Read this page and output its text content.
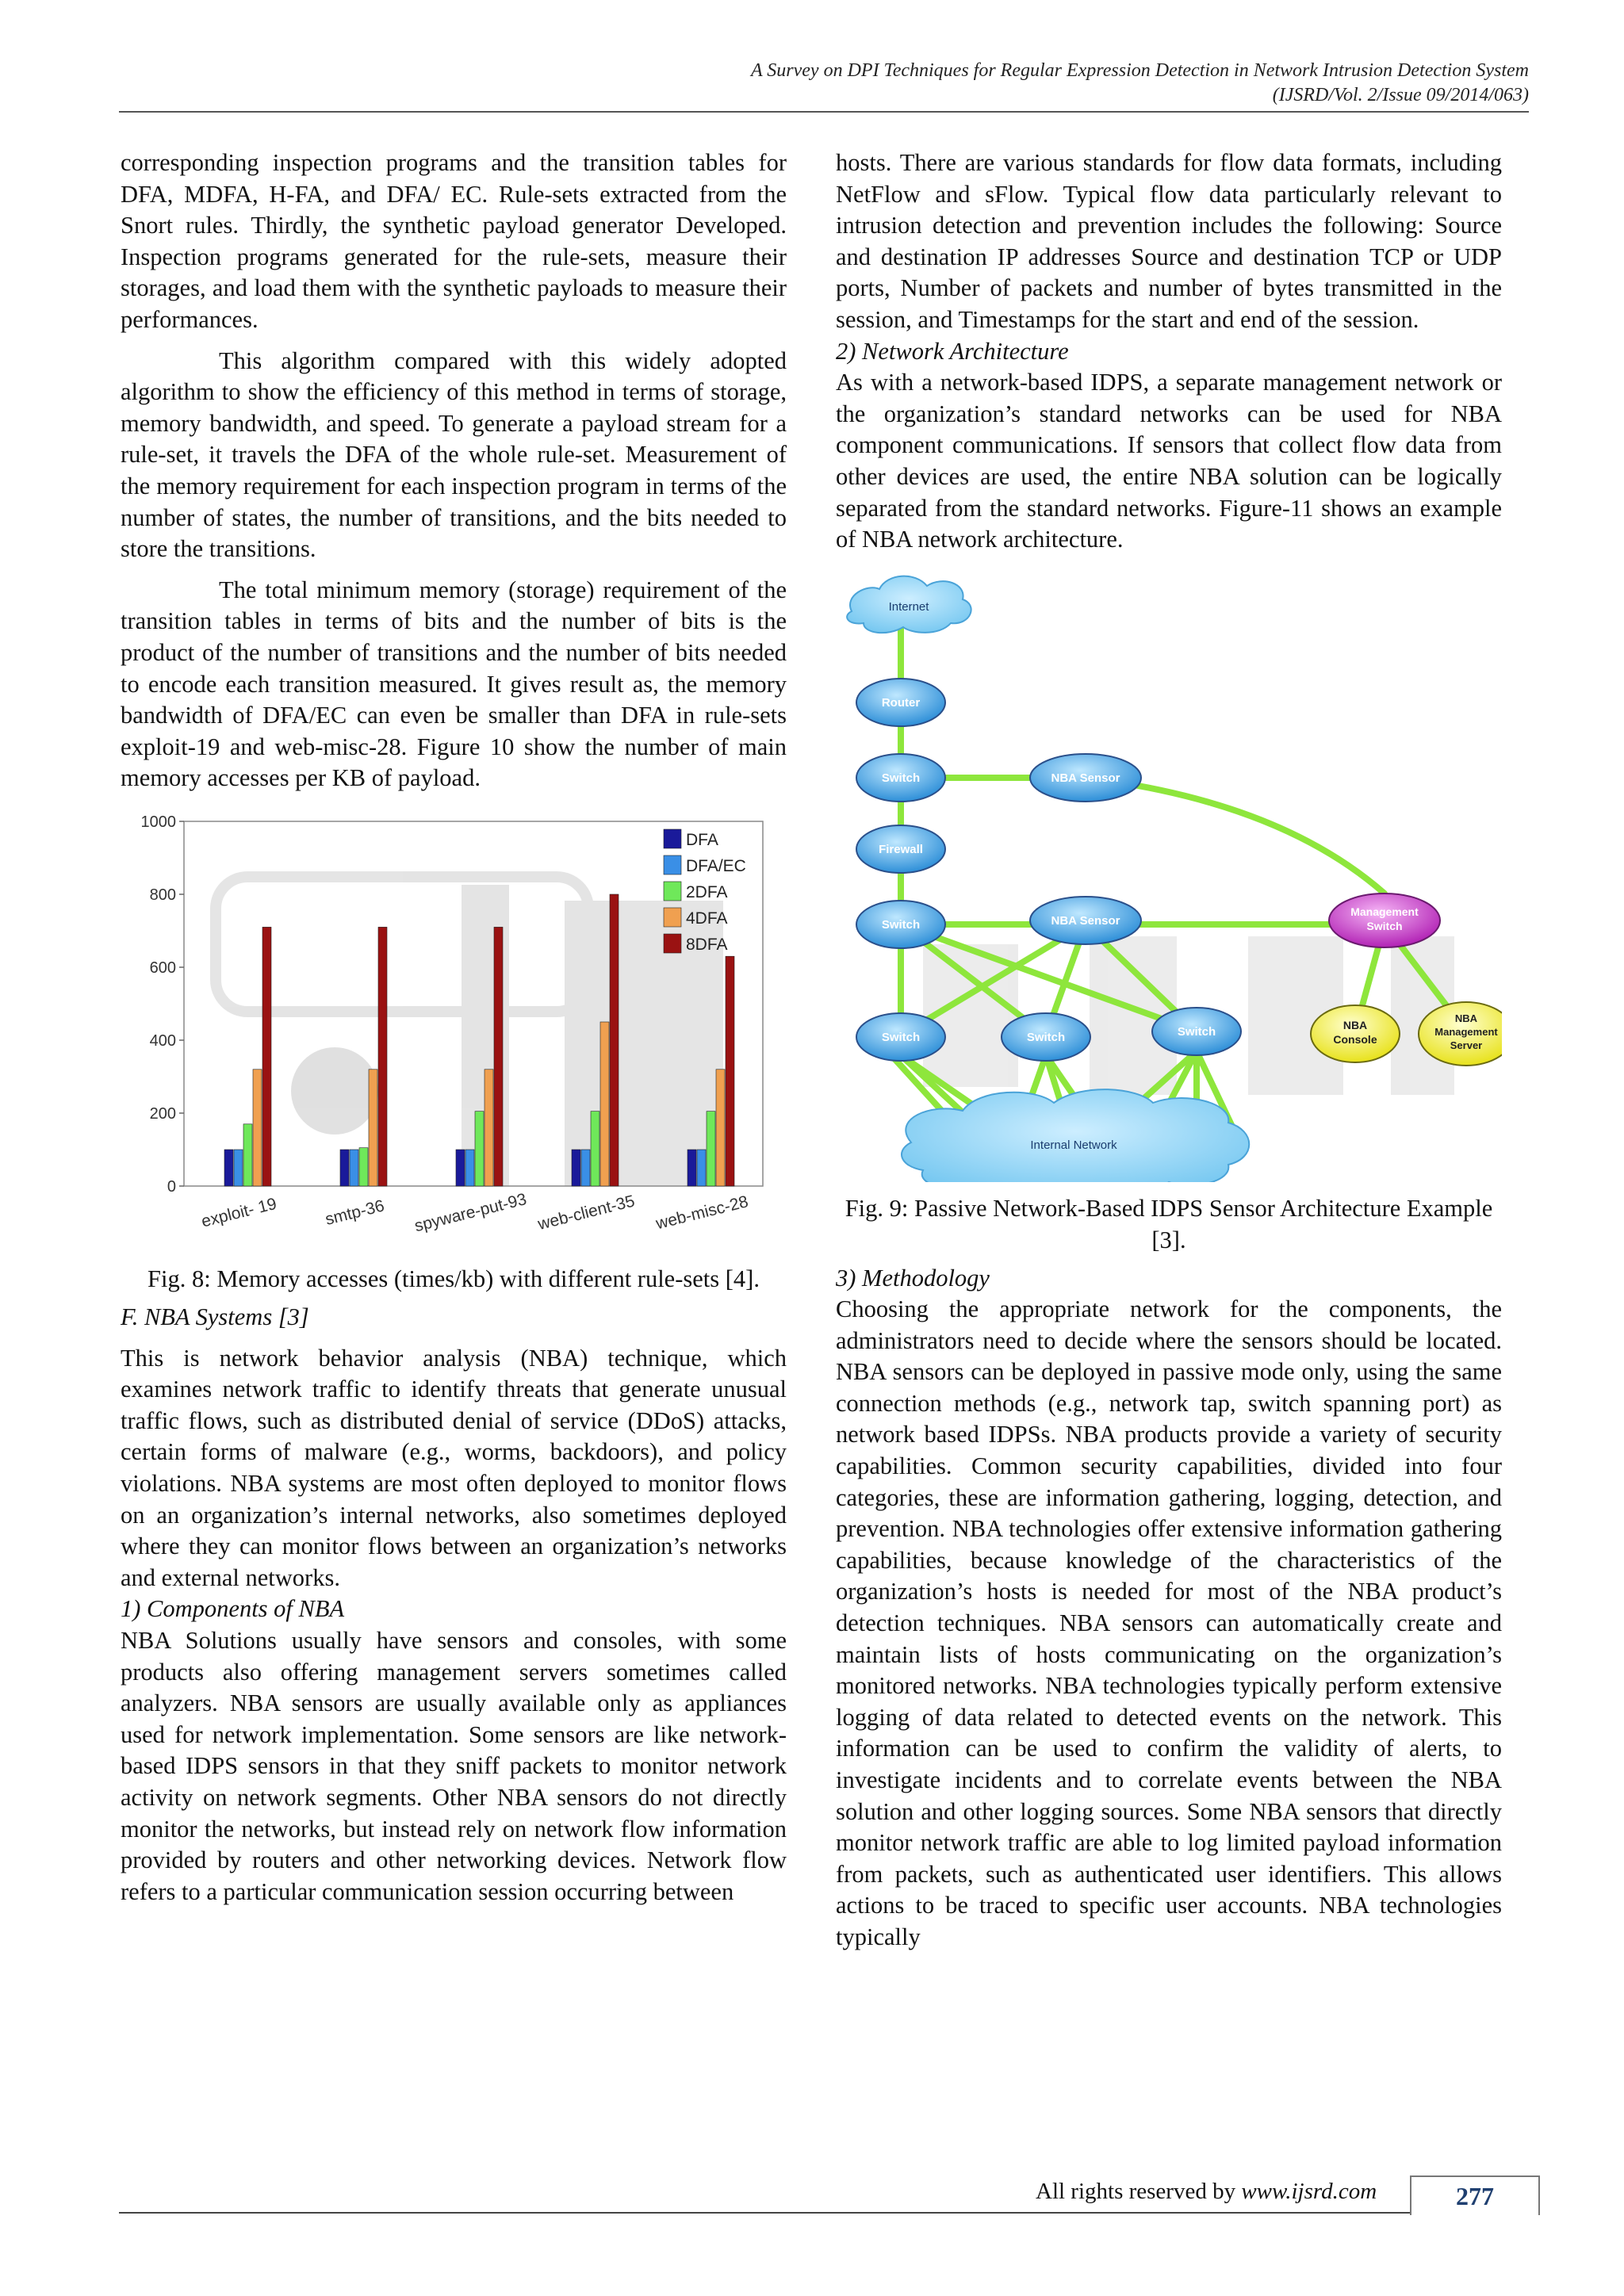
A Survey on DPI Techniques for Regular Expression Detection in Network Intrusion Detection System
(IJSRD/Vol. 2/Issue 09/2014/063)

corresponding inspection programs and the transition tables for DFA, MDFA, H-FA, and DFA/ EC. Rule-sets extracted from the Snort rules. Thirdly, the synthetic payload generator Developed. Inspection programs generated for the rule-sets, measure their storages, and load them with the synthetic payloads to measure their performances.

This algorithm compared with this widely adopted algorithm to show the efficiency of this method in terms of storage, memory bandwidth, and speed. To generate a payload stream for a rule-set, it travels the DFA of the whole rule-set. Measurement of the memory requirement for each inspection program in terms of the number of states, the number of transitions, and the bits needed to store the transitions.

The total minimum memory (storage) requirement of the transition tables in terms of bits and the number of bits is the product of the number of transitions and the number of bits needed to encode each transition measured. It gives result as, the memory bandwidth of DFA/EC can even be smaller than DFA in rule-sets exploit-19 and web-misc-28. Figure 10 show the number of main memory accesses per KB of payload.

0
200
400
600
800
1000
exploit- 19	smtp-36 spyware-put-93 web-client-35 web-misc-28
DFA
DFA/EC
2DFA
4DFA
8DFA

Fig. 8: Memory accesses (times/kb) with different rule-sets [4].

F. NBA Systems [3]

This is network behavior analysis (NBA) technique, which examines network traffic to identify threats that generate unusual traffic flows, such as distributed denial of service (DDoS) attacks, certain forms of malware (e.g., worms, backdoors), and policy violations. NBA systems are most often deployed to monitor flows on an organization’s internal networks, also sometimes deployed where they can monitor flows between an organization’s networks and external networks.

1) Components of NBA

NBA Solutions usually have sensors and consoles, with some products also offering management servers sometimes called analyzers. NBA sensors are usually available only as appliances used for network implementation. Some sensors are like network-based IDPS sensors in that they sniff packets to monitor network activity on network segments. Other NBA sensors do not directly monitor the networks, but instead rely on network flow information provided by routers and other networking devices. Network flow refers to a particular communication session occurring between

hosts. There are various standards for flow data formats, including NetFlow and sFlow. Typical flow data particularly relevant to intrusion detection and prevention includes the following: Source and destination IP addresses Source and destination TCP or UDP ports, Number of packets and number of bytes transmitted in the session, and Timestamps for the start and end of the session.

2) Network Architecture

As with a network-based IDPS, a separate management network or the organization’s standard networks can be used for NBA component communications. If sensors that collect flow data from other devices are used, the entire NBA solution can be logically separated from the standard networks. Figure-11 shows an example of NBA network architecture.

Internet
Router
Switch	NBA Sensor
Firewall
Switch	NBA Sensor
Management
Switch
Switch	Switch	Switch	NBA
Console
NBA
Management
Server
Internal Network

Fig. 9: Passive Network-Based IDPS Sensor Architecture Example [3].

3) Methodology

Choosing the appropriate network for the components, the administrators need to decide where the sensors should be located. NBA sensors can be deployed in passive mode only, using the same connection methods (e.g., network tap, switch spanning port) as network based IDPSs. NBA products provide a variety of security capabilities. Common security capabilities, divided into four categories, these are information gathering, logging, detection, and prevention. NBA technologies offer extensive information gathering capabilities, because knowledge of the characteristics of the organization’s hosts is needed for most of the NBA product’s detection techniques. NBA sensors can automatically create and maintain lists of hosts communicating on the organization’s monitored networks. NBA technologies typically perform extensive logging of data related to detected events on the network. This information can be used to confirm the validity of alerts, to investigate incidents and to correlate events between the NBA solution and other logging sources. Some NBA sensors that directly monitor network traffic are able to log limited payload information from packets, such as authenticated user identifiers. This allows actions to be traced to specific user accounts. NBA technologies typically

All rights reserved by www.ijsrd.com	277
